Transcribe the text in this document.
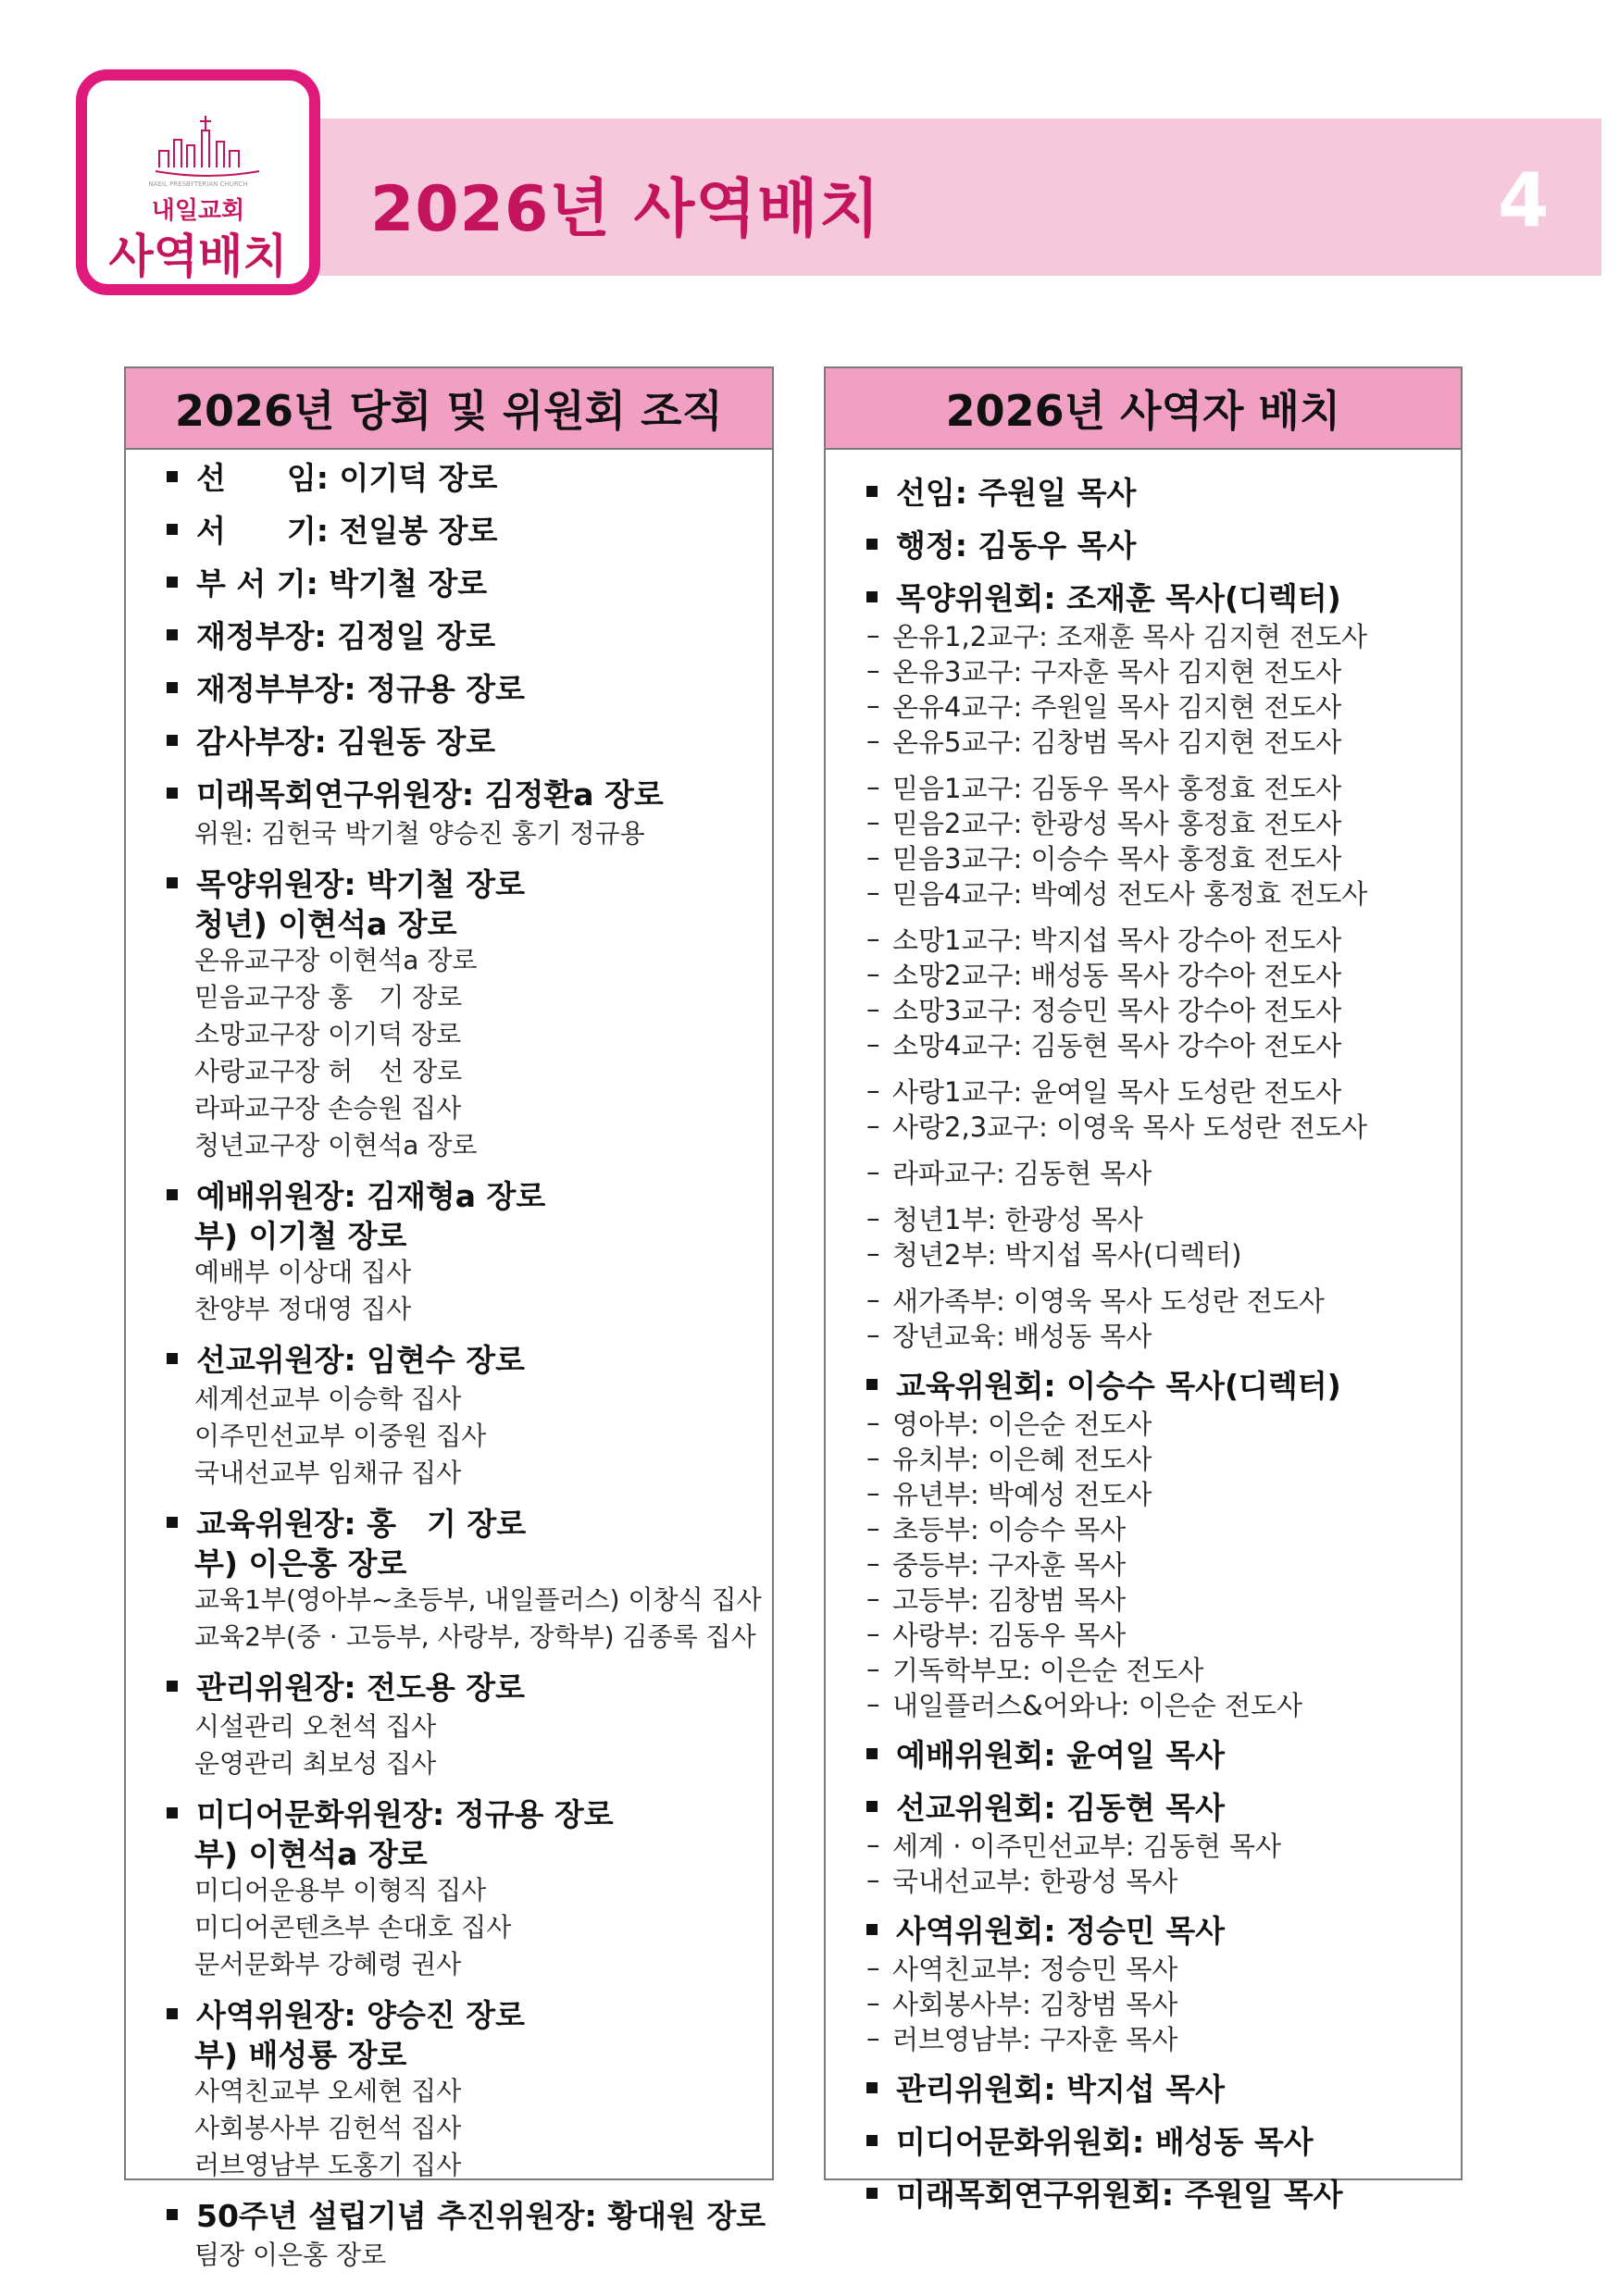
2026년 사역배치	4
NAEIL PRESBYTERIAN CHURCH
내일교회
사역배치
2026년 당회 및 위원회 조직
선　　임: 이기덕 장로
서　　기: 전일봉 장로
부 서 기: 박기철 장로
재정부장: 김정일 장로
재정부부장: 정규용 장로
감사부장: 김원동 장로
미래목회연구위원장: 김정환a 장로
위원: 김헌국 박기철 양승진 홍기 정규용
목양위원장: 박기철 장로
청년) 이현석a 장로
온유교구장 이현석a 장로
믿음교구장 홍　기 장로
소망교구장 이기덕 장로
사랑교구장 허　선 장로
라파교구장 손승원 집사
청년교구장 이현석a 장로
예배위원장: 김재형a 장로
부) 이기철 장로
예배부 이상대 집사
찬양부 정대영 집사
선교위원장: 임현수 장로
세계선교부 이승학 집사
이주민선교부 이중원 집사
국내선교부 임채규 집사
교육위원장: 홍　기 장로
부) 이은홍 장로
교육1부(영아부~초등부, 내일플러스) 이창식 집사
교육2부(중 · 고등부, 사랑부, 장학부) 김종록 집사
관리위원장: 전도용 장로
시설관리 오천석 집사
운영관리 최보성 집사
미디어문화위원장: 정규용 장로
부) 이현석a 장로
미디어운용부 이형직 집사
미디어콘텐츠부 손대호 집사
문서문화부 강혜령 권사
사역위원장: 양승진 장로
부) 배성룡 장로
사역친교부 오세현 집사
사회봉사부 김헌석 집사
러브영남부 도홍기 집사
50주년 설립기념 추진위원장: 황대원 장로
팀장 이은홍 장로
2026년 사역자 배치
선임: 주원일 목사
행정: 김동우 목사
목양위원회: 조재훈 목사(디렉터)
– 온유1,2교구: 조재훈 목사 김지현 전도사
– 온유3교구: 구자훈 목사 김지현 전도사
– 온유4교구: 주원일 목사 김지현 전도사
– 온유5교구: 김창범 목사 김지현 전도사
– 믿음1교구: 김동우 목사 홍정효 전도사
– 믿음2교구: 한광성 목사 홍정효 전도사
– 믿음3교구: 이승수 목사 홍정효 전도사
– 믿음4교구: 박예성 전도사 홍정효 전도사
– 소망1교구: 박지섭 목사 강수아 전도사
– 소망2교구: 배성동 목사 강수아 전도사
– 소망3교구: 정승민 목사 강수아 전도사
– 소망4교구: 김동현 목사 강수아 전도사
– 사랑1교구: 윤여일 목사 도성란 전도사
– 사랑2,3교구: 이영욱 목사 도성란 전도사
– 라파교구: 김동현 목사
– 청년1부: 한광성 목사
– 청년2부: 박지섭 목사(디렉터)
– 새가족부: 이영욱 목사 도성란 전도사
– 장년교육: 배성동 목사
교육위원회: 이승수 목사(디렉터)
– 영아부: 이은순 전도사
– 유치부: 이은혜 전도사
– 유년부: 박예성 전도사
– 초등부: 이승수 목사
– 중등부: 구자훈 목사
– 고등부: 김창범 목사
– 사랑부: 김동우 목사
– 기독학부모: 이은순 전도사
– 내일플러스&어와나: 이은순 전도사
예배위원회: 윤여일 목사
선교위원회: 김동현 목사
– 세계 · 이주민선교부: 김동현 목사
– 국내선교부: 한광성 목사
사역위원회: 정승민 목사
– 사역친교부: 정승민 목사
– 사회봉사부: 김창범 목사
– 러브영남부: 구자훈 목사
관리위원회: 박지섭 목사
미디어문화위원회: 배성동 목사
미래목회연구위원회: 주원일 목사
